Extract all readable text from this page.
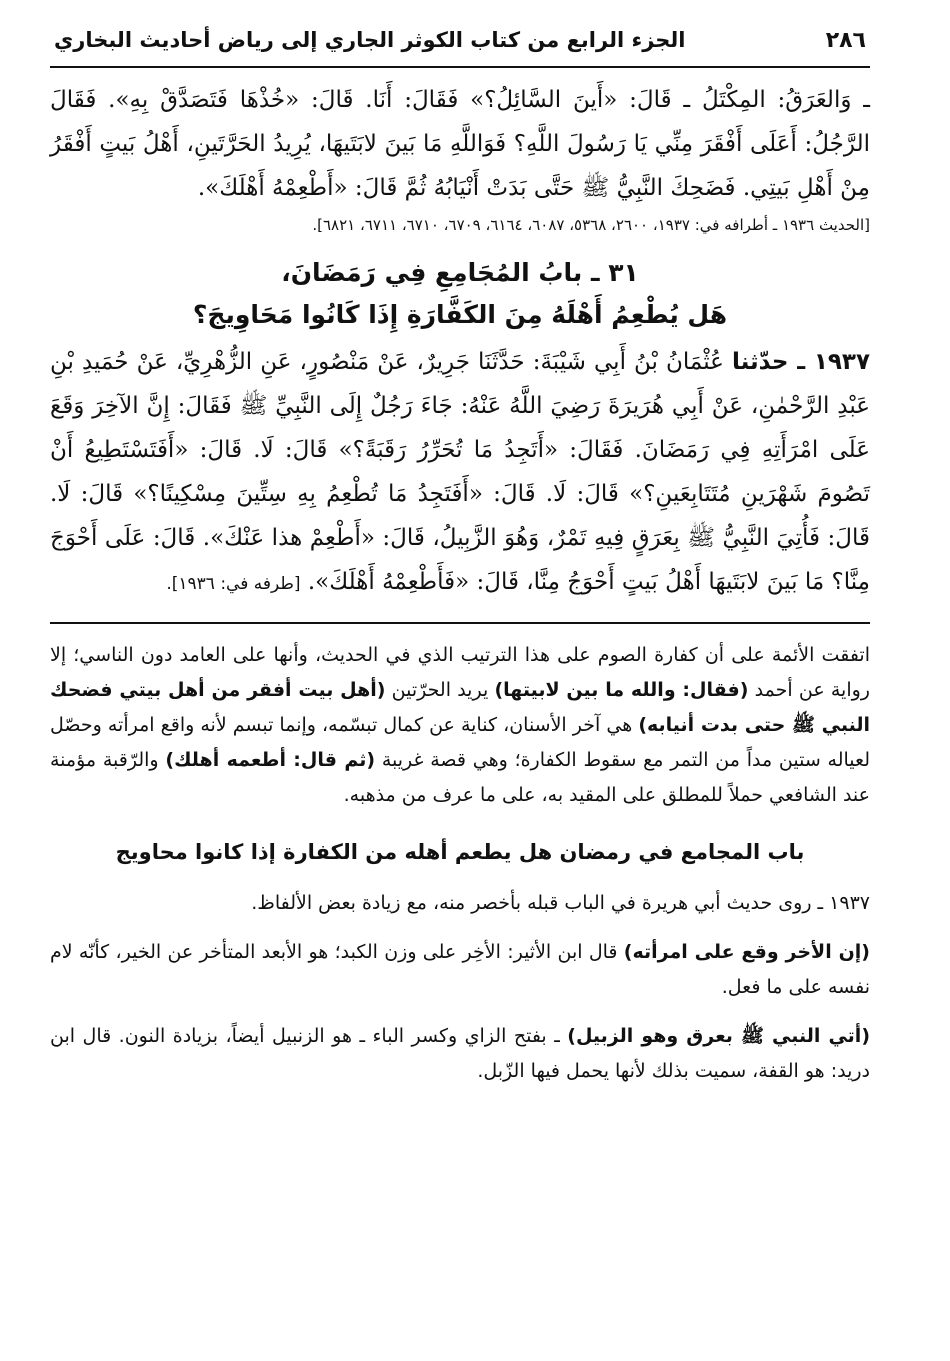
٢٨٦
الجزء الرابع من كتاب الكوثر الجاري إلى رياض أحاديث البخاري

ـ وَالعَرَقُ: المِكْتَلُ ـ قَالَ: «أَينَ السَّائِلُ؟» فَقَالَ: أَنَا. قَالَ: «خُذْهَا فَتَصَدَّقْ بِهِ». فَقَالَ الرَّجُلُ: أَعَلَى أَفْقَرَ مِنِّي يَا رَسُولَ اللَّهِ؟ فَوَاللَّهِ مَا بَينَ لابَتَيهَا، يُرِيدُ الحَرَّتَينِ، أَهْلُ بَيتٍ أَفْقَرُ مِنْ أَهْلِ بَيتِي. فَضَحِكَ النَّبِيُّ ﷺ حَتَّى بَدَتْ أَنْيَابُهُ ثُمَّ قَالَ: «أَطْعِمْهُ أَهْلَكَ».

[الحديث ١٩٣٦ ـ أطرافه في: ١٩٣٧، ٢٦٠٠، ٥٣٦٨، ٦٠٨٧، ٦١٦٤، ٦٧٠٩، ٦٧١٠، ٦٧١١، ٦٨٢١].
٣١ ـ بابُ المُجَامِعِ فِي رَمَضَانَ،
هَل يُطْعِمُ أَهْلَهُ مِنَ الكَفَّارَةِ إِذَا كَانُوا مَحَاوِيجَ؟

١٩٣٧ ـ حدّثنا عُثْمَانُ بْنُ أَبِي شَيْبَةَ: حَدَّثَنَا جَرِيرٌ، عَنْ مَنْصُورٍ، عَنِ الزُّهْرِيِّ، عَنْ حُمَيدِ بْنِ عَبْدِ الرَّحْمٰنِ، عَنْ أَبِي هُرَيرَةَ رَضِيَ اللَّهُ عَنْهُ: جَاءَ رَجُلٌ إِلَى النَّبِيِّ ﷺ فَقَالَ: إِنَّ الآخِرَ وَقَعَ عَلَى امْرَأَتِهِ فِي رَمَضَانَ. فَقَالَ: «أَتَجِدُ مَا تُحَرِّرُ رَقَبَةً؟» قَالَ: لَا. قَالَ: «أَفَتَسْتَطِيعُ أَنْ تَصُومَ شَهْرَينِ مُتَتَابِعَينِ؟» قَالَ: لَا. قَالَ: «أَفَتَجِدُ مَا تُطْعِمُ بِهِ سِتِّينَ مِسْكِينًا؟» قَالَ: لَا. قَالَ: فَأُتِيَ النَّبِيُّ ﷺ بِعَرَقٍ فِيهِ تَمْرٌ، وَهُوَ الزَّبِيلُ، قَالَ: «أَطْعِمْ هذا عَنْكَ». قَالَ: عَلَى أَحْوَجَ مِنَّا؟ مَا بَينَ لابَتَيهَا أَهْلُ بَيتٍ أَحْوَجُ مِنَّا، قَالَ: «فَأَطْعِمْهُ أَهْلَكَ». [طرفه في: ١٩٣٦].

اتفقت الأئمة على أن كفارة الصوم على هذا الترتيب الذي في الحديث، وأنها على العامد دون الناسي؛ إلا رواية عن أحمد (فقال: والله ما بين لابيتها) يريد الحرّتين (أهل بيت أفقر من أهل بيتي فضحك النبي ﷺ حتى بدت أنيابه) هي آخر الأسنان، كناية عن كمال تبسّمه، وإنما تبسم لأنه واقع امرأته وحصّل لعياله ستين مداً من التمر مع سقوط الكفارة؛ وهي قصة غريبة (ثم قال: أطعمه أهلك) والرّقبة مؤمنة عند الشافعي حملاً للمطلق على المقيد به، على ما عرف من مذهبه.

باب المجامع في رمضان هل يطعم أهله من الكفارة إذا كانوا محاويج

١٩٣٧ ـ روى حديث أبي هريرة في الباب قبله بأخصر منه، مع زيادة بعض الألفاظ.

(إن الأخر وقع على امرأته) قال ابن الأثير: الأخِر على وزن الكبد؛ هو الأبعد المتأخر عن الخير، كأنّه لام نفسه على ما فعل.

(أتي النبي ﷺ بعرق وهو الزبيل) ـ بفتح الزاي وكسر الباء ـ هو الزنبيل أيضاً، بزيادة النون. قال ابن دريد: هو القفة، سميت بذلك لأنها يحمل فيها الزّبل.
